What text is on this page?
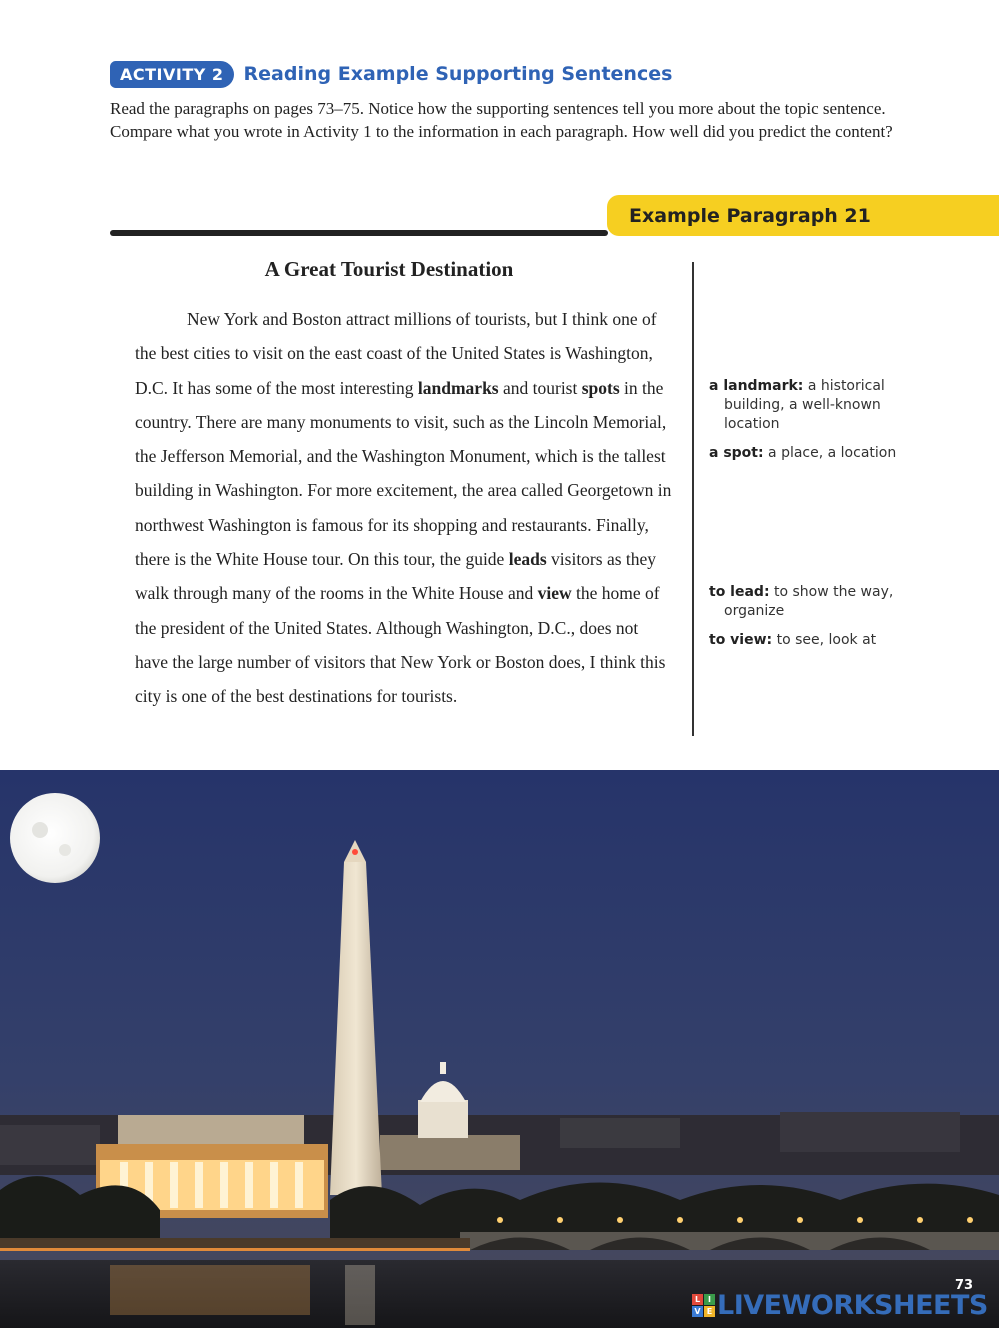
ACTIVITY 2	Reading Example Supporting Sentences
Read the paragraphs on pages 73–75. Notice how the supporting sentences tell you more about the topic sentence. Compare what you wrote in Activity 1 to the information in each paragraph. How well did you predict the content?
Example Paragraph 21
A Great Tourist Destination

New York and Boston attract millions of tourists, but I think one of the best cities to visit on the east coast of the United States is Washington, D.C. It has some of the most interesting landmarks and tourist spots in the country. There are many monuments to visit, such as the Lincoln Memorial, the Jefferson Memorial, and the Washington Monument, which is the tallest building in Washington. For more excitement, the area called Georgetown in northwest Washington is famous for its shopping and restaurants. Finally, there is the White House tour. On this tour, the guide leads visitors as they walk through many of the rooms in the White House and view the home of the president of the United States. Although Washington, D.C., does not have the large number of visitors that New York or Boston does, I think this city is one of the best destinations for tourists.

a landmark: a historical building, a well-known location
a spot: a place, a location
to lead: to show the way, organize
to view: to see, look at
73
L I
V E LIVEWORKSHEETS
